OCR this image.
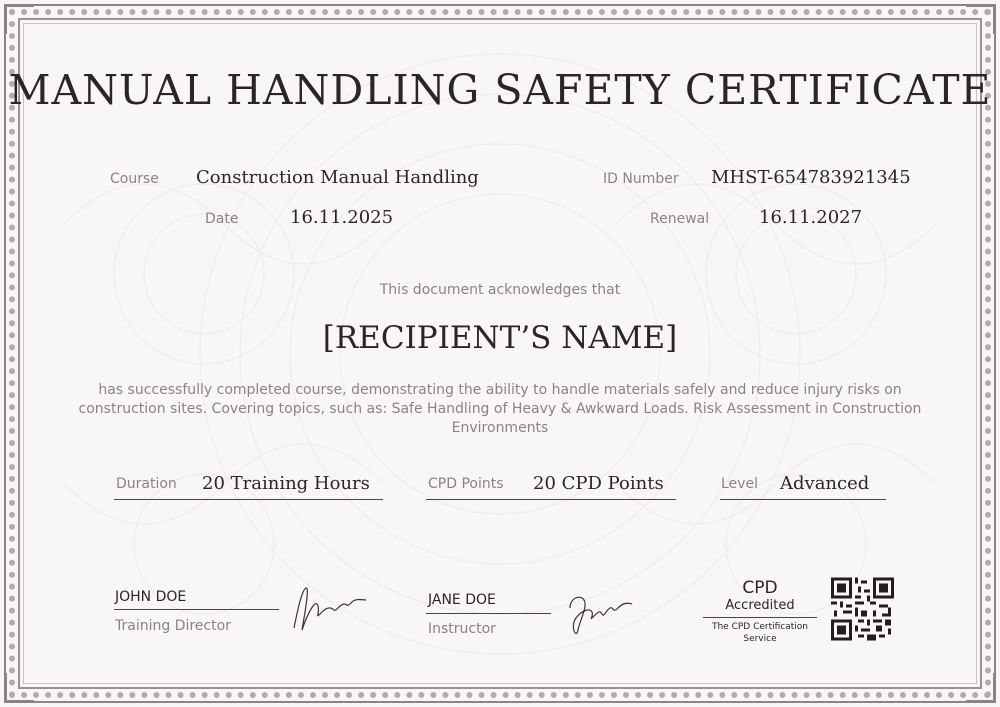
MANUAL HANDLING SAFETY CERTIFICATE
Course Construction Manual Handling
Date	16.11.2025
ID Number MHST-654783921345
Renewal	16.11.2027
This document acknowledges that
[RECIPIENT’S NAME]
has successfully completed course, demonstrating the ability to handle materials safely and reduce injury risks on construction sites. Covering topics, such as: Safe Handling of Heavy & Awkward Loads. Risk Assessment in Construction Environments
Duration 20 Training Hours	CPD Points 20 CPD Points	Level Advanced
JOHN DOE
Training Director
JANE DOE
Instructor
CPD
Accredited
The CPD Certification Service
